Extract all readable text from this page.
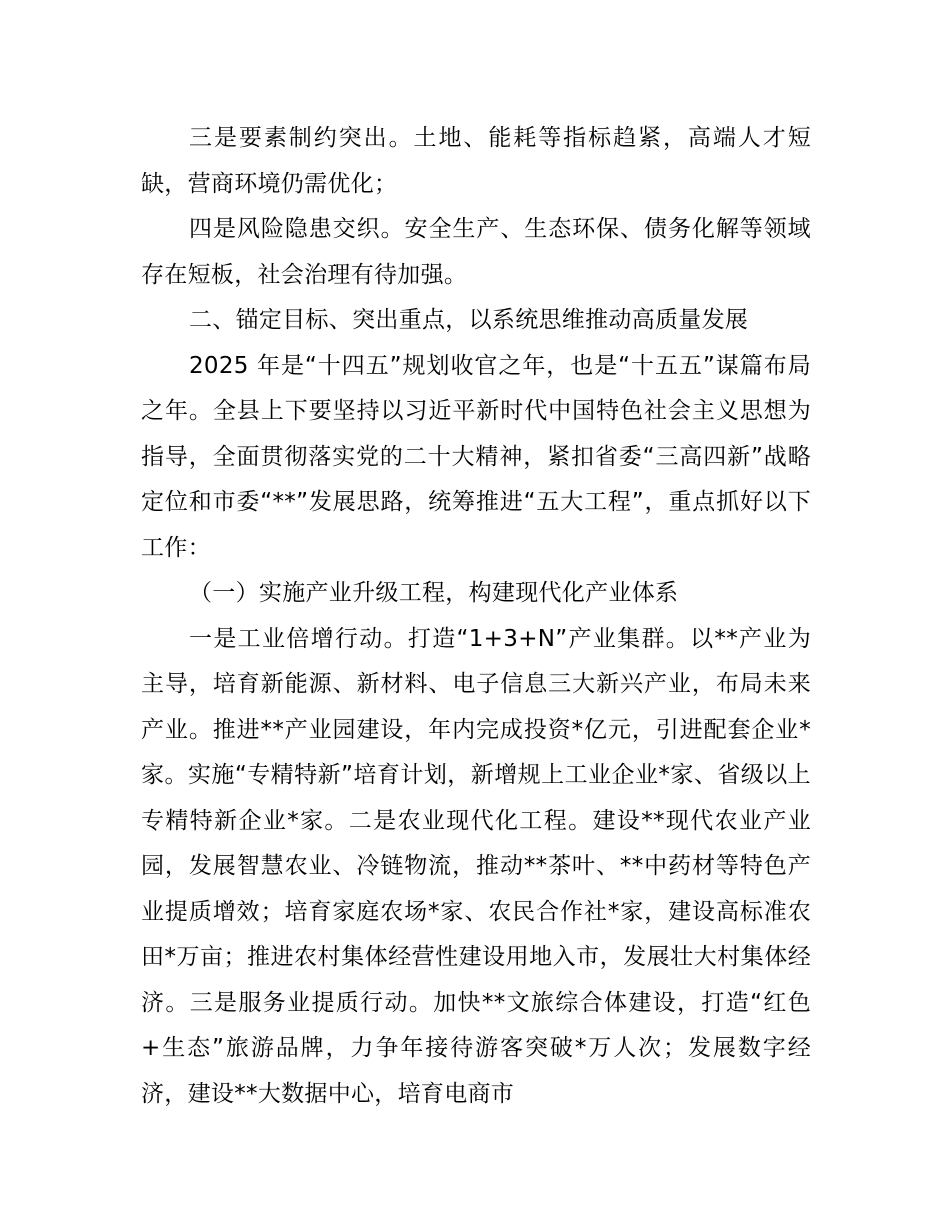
三是要素制约突出。土地、能耗等指标趋紧，高端人才短缺，营商环境仍需优化；

四是风险隐患交织。安全生产、生态环保、债务化解等领域存在短板，社会治理有待加强。

二、锚定目标、突出重点，以系统思维推动高质量发展

2025 年是“十四五”规划收官之年，也是“十五五”谋篇布局之年。全县上下要坚持以习近平新时代中国特色社会主义思想为指导，全面贯彻落实党的二十大精神，紧扣省委“三高四新”战略定位和市委“**”发展思路，统筹推进“五大工程”，重点抓好以下工作：

（一）实施产业升级工程，构建现代化产业体系

一是工业倍增行动。打造“1+3+N”产业集群。以**产业为主导，培育新能源、新材料、电子信息三大新兴产业，布局未来产业。推进**产业园建设，年内完成投资*亿元，引进配套企业*家。实施“专精特新”培育计划，新增规上工业企业*家、省级以上专精特新企业*家。二是农业现代化工程。建设**现代农业产业园，发展智慧农业、冷链物流，推动**茶叶、**中药材等特色产业提质增效；培育家庭农场*家、农民合作社*家，建设高标准农田*万亩；推进农村集体经营性建设用地入市，发展壮大村集体经济。三是服务业提质行动。加快**文旅综合体建设，打造“红色+生态”旅游品牌，力争年接待游客突破*万人次；发展数字经济，建设**大数据中心，培育电商市
